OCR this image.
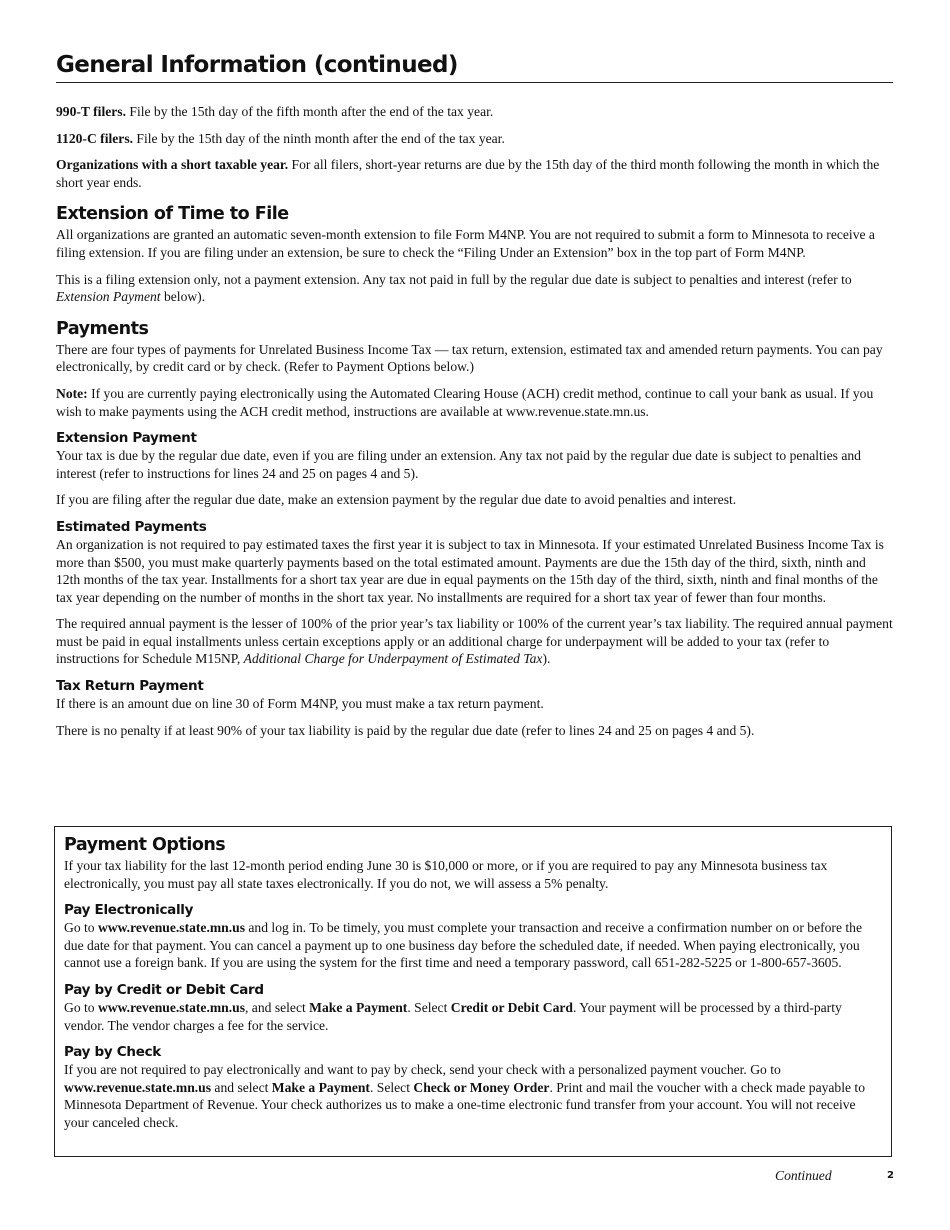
General Information (continued)

990-T filers. File by the 15th day of the fifth month after the end of the tax year.

1120-C filers. File by the 15th day of the ninth month after the end of the tax year.

Organizations with a short taxable year. For all filers, short-year returns are due by the 15th day of the third month following the month in which the short year ends.

Extension of Time to File

All organizations are granted an automatic seven-month extension to file Form M4NP. You are not required to submit a form to Minnesota to receive a filing extension. If you are filing under an extension, be sure to check the “Filing Under an Extension” box in the top part of Form M4NP.

This is a filing extension only, not a payment extension. Any tax not paid in full by the regular due date is subject to penalties and interest (refer to Extension Payment below).

Payments

There are four types of payments for Unrelated Business Income Tax — tax return, extension, estimated tax and amended return payments. You can pay electronically, by credit card or by check. (Refer to Payment Options below.)

Note: If you are currently paying electronically using the Automated Clearing House (ACH) credit method, continue to call your bank as usual. If you wish to make payments using the ACH credit method, instructions are available at www.revenue.state.mn.us.

Extension Payment

Your tax is due by the regular due date, even if you are filing under an extension. Any tax not paid by the regular due date is subject to penalties and interest (refer to instructions for lines 24 and 25 on pages 4 and 5).

If you are filing after the regular due date, make an extension payment by the regular due date to avoid penalties and interest.

Estimated Payments

An organization is not required to pay estimated taxes the first year it is subject to tax in Minnesota. If your estimated Unrelated Business Income Tax is more than $500, you must make quarterly payments based on the total estimated amount. Payments are due the 15th day of the third, sixth, ninth and 12th months of the tax year. Installments for a short tax year are due in equal payments on the 15th day of the third, sixth, ninth and final months of the tax year depending on the number of months in the short tax year. No installments are required for a short tax year of fewer than four months.

The required annual payment is the lesser of 100% of the prior year’s tax liability or 100% of the current year’s tax liability. The required annual payment must be paid in equal installments unless certain exceptions apply or an additional charge for underpayment will be added to your tax (refer to instructions for Schedule M15NP, Additional Charge for Underpayment of Estimated Tax).

Tax Return Payment

If there is an amount due on line 30 of Form M4NP, you must make a tax return payment.

There is no penalty if at least 90% of your tax liability is paid by the regular due date (refer to lines 24 and 25 on pages 4 and 5).

Payment Options

If your tax liability for the last 12-month period ending June 30 is $10,000 or more, or if you are required to pay any Minnesota business tax electronically, you must pay all state taxes electronically. If you do not, we will assess a 5% penalty.

Pay Electronically

Go to www.revenue.state.mn.us and log in. To be timely, you must complete your transaction and receive a confirmation number on or before the due date for that payment. You can cancel a payment up to one business day before the scheduled date, if needed. When paying electronically, you cannot use a foreign bank. If you are using the system for the first time and need a temporary password, call 651-282-5225 or 1-800-657-3605.

Pay by Credit or Debit Card

Go to www.revenue.state.mn.us, and select Make a Payment. Select Credit or Debit Card. Your payment will be processed by a third-party vendor. The vendor charges a fee for the service.

Pay by Check

If you are not required to pay electronically and want to pay by check, send your check with a personalized payment voucher. Go to www.revenue.state.mn.us and select Make a Payment. Select Check or Money Order. Print and mail the voucher with a check made payable to Minnesota Department of Revenue. Your check authorizes us to make a one-time electronic fund transfer from your account. You will not receive your canceled check.

Continued	2
